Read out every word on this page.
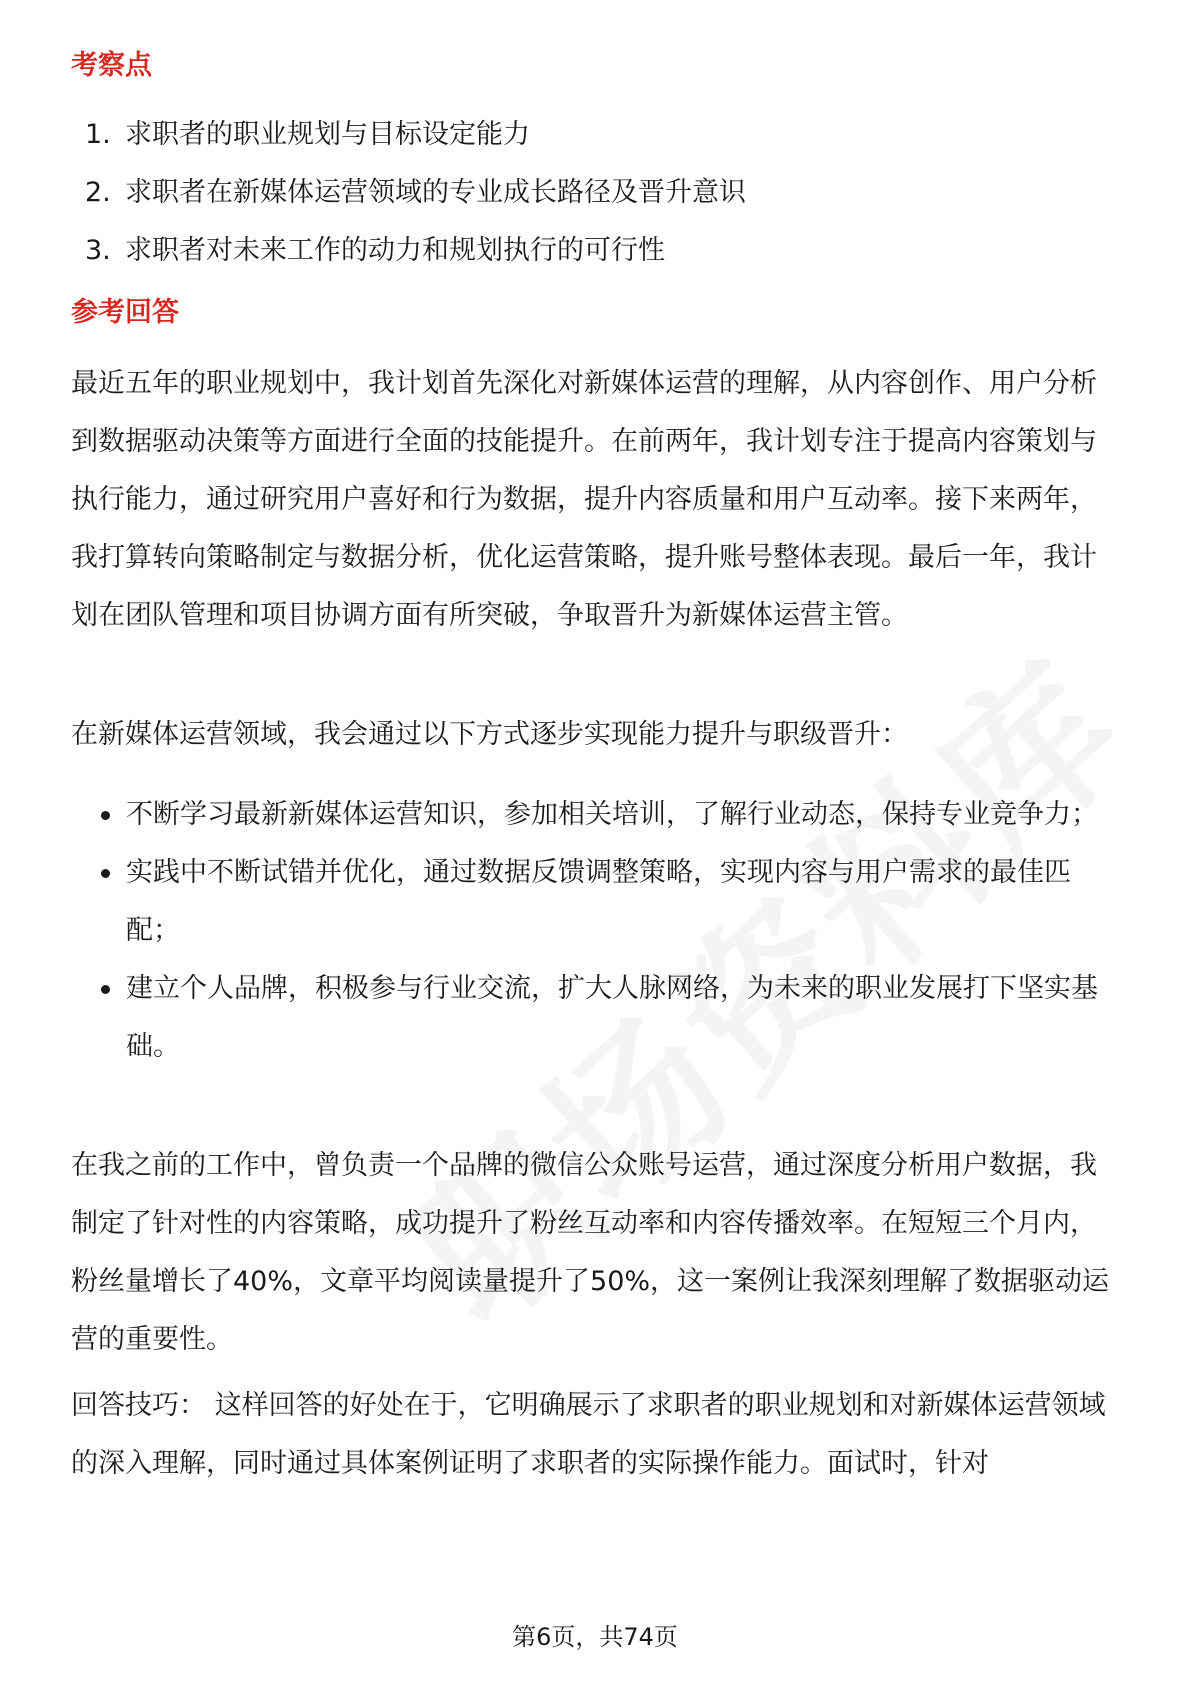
考察点
1. 求职者的职业规划与目标设定能力
2. 求职者在新媒体运营领域的专业成长路径及晋升意识
3. 求职者对未来工作的动力和规划执行的可行性
参考回答

最近五年的职业规划中，我计划首先深化对新媒体运营的理解，从内容创作、用户分析到数据驱动决策等方面进行全面的技能提升。在前两年，我计划专注于提高内容策划与执行能力，通过研究用户喜好和行为数据，提升内容质量和用户互动率。接下来两年，我打算转向策略制定与数据分析，优化运营策略，提升账号整体表现。最后一年，我计划在团队管理和项目协调方面有所突破，争取晋升为新媒体运营主管。

在新媒体运营领域，我会通过以下方式逐步实现能力提升与职级晋升：

不断学习最新新媒体运营知识，参加相关培训，了解行业动态，保持专业竞争力；
实践中不断试错并优化，通过数据反馈调整策略，实现内容与用户需求的最佳匹配；
建立个人品牌，积极参与行业交流，扩大人脉网络，为未来的职业发展打下坚实基础。

在我之前的工作中，曾负责一个品牌的微信公众账号运营，通过深度分析用户数据，我制定了针对性的内容策略，成功提升了粉丝互动率和内容传播效率。在短短三个月内，粉丝量增长了40%，文章平均阅读量提升了50%，这一案例让我深刻理解了数据驱动运营的重要性。

回答技巧： 这样回答的好处在于，它明确展示了求职者的职业规划和对新媒体运营领域的深入理解，同时通过具体案例证明了求职者的实际操作能力。面试时，针对

第6页，共74页
